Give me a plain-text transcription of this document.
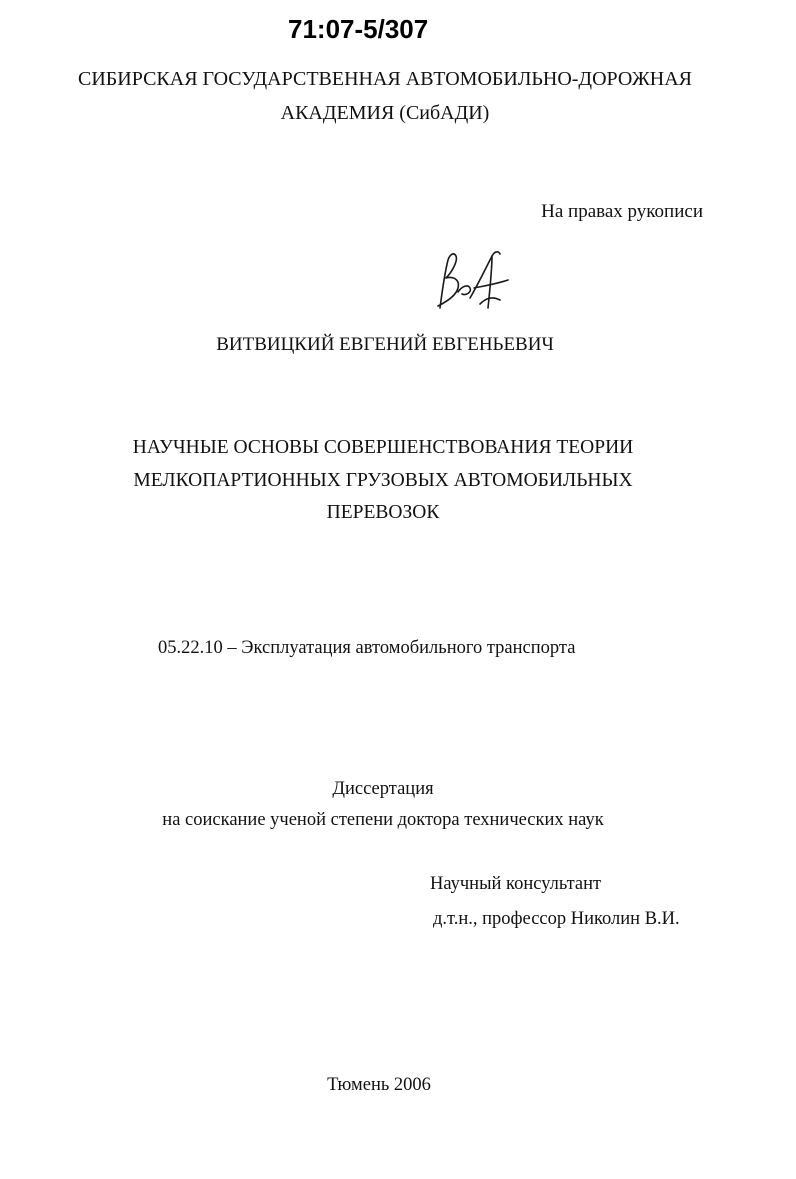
71:07-5/307
СИБИРСКАЯ ГОСУДАРСТВЕННАЯ АВТОМОБИЛЬНО-ДОРОЖНАЯ
АКАДЕМИЯ (СибАДИ)
На правах рукописи
ВИТВИЦКИЙ ЕВГЕНИЙ ЕВГЕНЬЕВИЧ
НАУЧНЫЕ ОСНОВЫ СОВЕРШЕНСТВОВАНИЯ ТЕОРИИ
МЕЛКОПАРТИОННЫХ ГРУЗОВЫХ АВТОМОБИЛЬНЫХ
ПЕРЕВОЗОК
05.22.10 – Эксплуатация автомобильного транспорта
Диссертация
на соискание ученой степени доктора технических наук
Научный консультант
д.т.н., профессор Николин В.И.
Тюмень 2006
